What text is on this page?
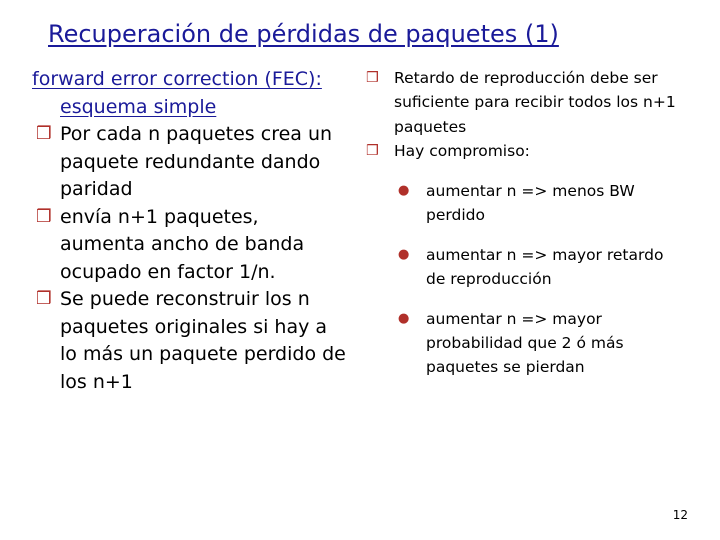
Recuperación de pérdidas de paquetes (1)

forward error correction (FEC): esquema simple

❒ Por cada n paquetes crea un paquete redundante dando paridad

❒ envía n+1 paquetes, aumenta ancho de banda ocupado en factor 1/n.

❒ Se puede reconstruir los n paquetes originales si hay a lo más un paquete perdido de los n+1

❒ Retardo de reproducción debe ser suficiente para recibir todos los n+1 paquetes

❒ Hay compromiso:

● aumentar n => menos BW perdido

● aumentar n => mayor retardo de reproducción

● aumentar n => mayor probabilidad que 2 ó más paquetes se pierdan

12
